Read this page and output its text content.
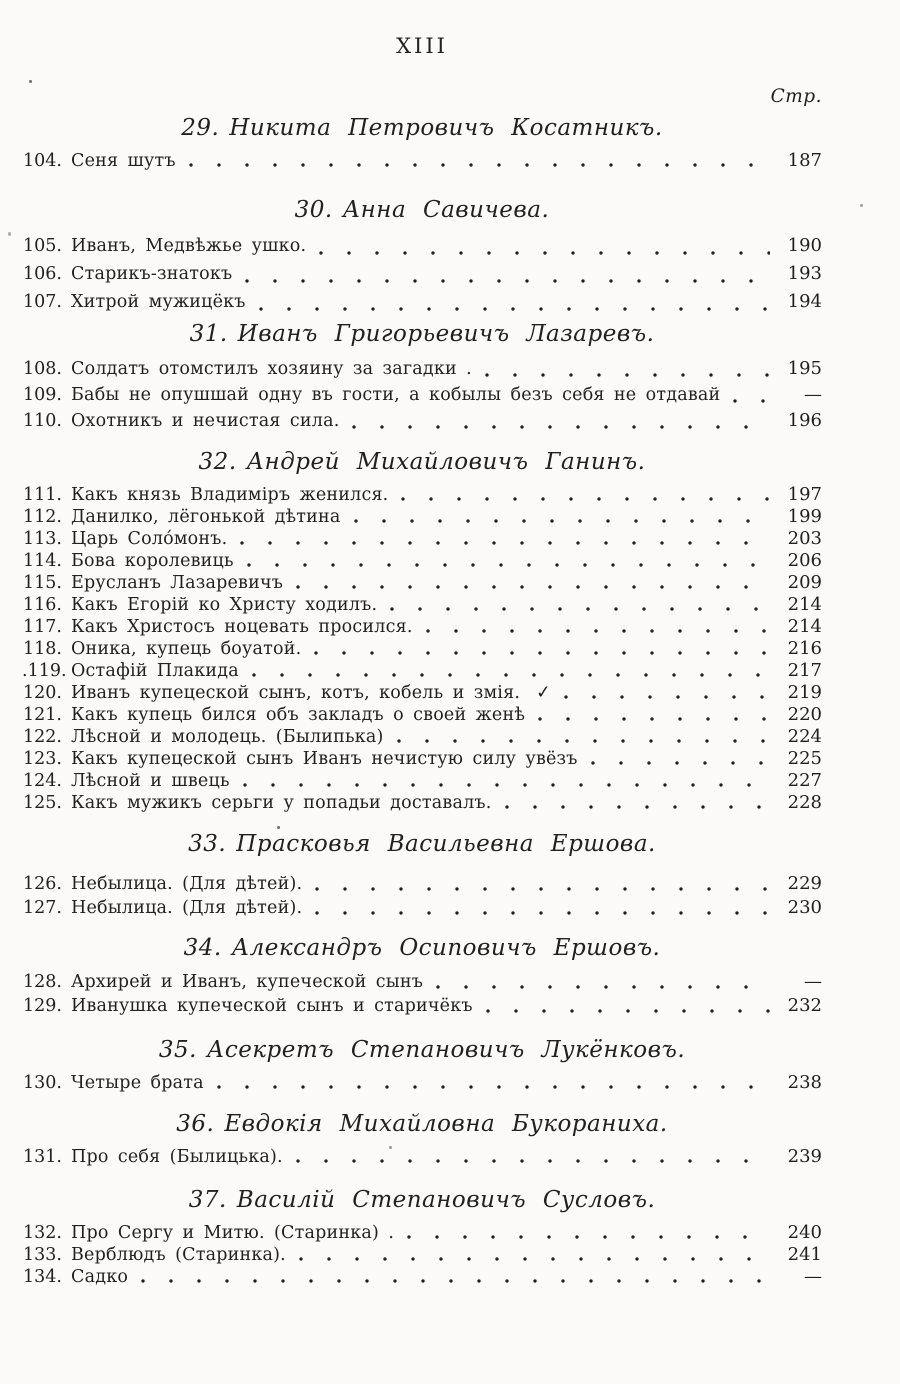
XIII
Стр.
29. Никита Петровичъ Косатникъ.
104. Сеня шутъ	187
30. Анна Савичева.
105. Иванъ, Медвѣжье ушко.	190
106. Старикъ-знатокъ	193
107. Хитрой мужицёкъ	194
31. Иванъ Григорьевичъ Лазаревъ.
108. Солдатъ отомстилъ хозяину за загадки .	195
109. Бабы не опушшай одну въ гости, а кобылы безъ себя не отдавай	—
110. Охотникъ и нечистая сила.	196
32. Андрей Михайловичъ Ганинъ.
111. Какъ князь Владимiръ женился.	197
112. Данилко, лёгонькой дѣтина	199
113. Царь Соло́монъ.	203
114. Бова королевиць	206
115. Ерусланъ Лазаревичъ	209
116. Какъ Егорiй ко Христу ходилъ.	214
117. Какъ Христосъ ноцевать просился.	214
118. Оника, купець боуатой.	216
.119. Остафiй Плакида	217
120. Иванъ купецеской сынъ, котъ, кобель и змiя. ✓	219
121. Какъ купець бился объ закладъ о своей женѣ	220
122. Лѣсной и молодець. (Былипька)	224
123. Какъ купецеской сынъ Иванъ нечистую силу увёзъ	225
124. Лѣсной и швець	227
125. Какъ мужикъ серьги у попадьи доставалъ.	228
33. Прасковья Васильевна Ершова.
126. Небылица. (Для дѣтей).	229
127. Небылица. (Для дѣтей).	230
34. Александръ Осиповичъ Ершовъ.
128. Архирей и Иванъ, купеческой сынъ	—
129. Иванушка купеческой сынъ и старичёкъ	232
35. Асекретъ Степановичъ Лукёнковъ.
130. Четыре брата	238
36. Евдокiя Михайловна Букораниха.
131. Про себя (Былицька).	239
37. Василiй Степановичъ Сусловъ.
132. Про Сергу и Митю. (Старинка) .	240
133. Верблюдъ (Старинка).	241
134. Садко	—
